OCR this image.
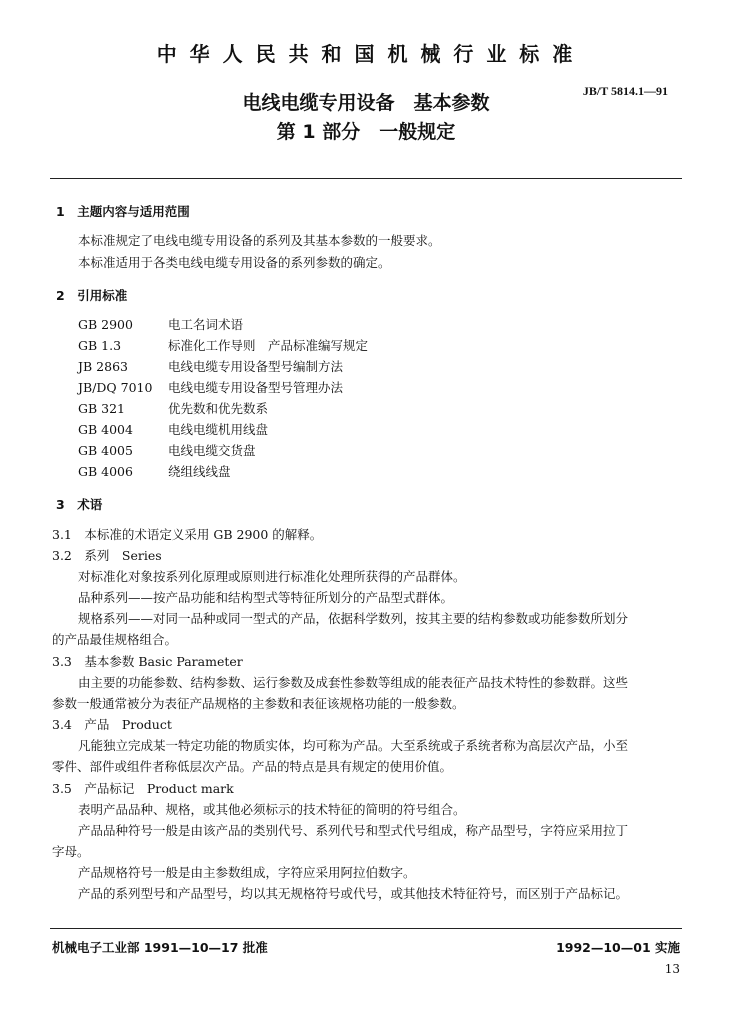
中 华 人 民 共 和 国 机 械 行 业 标 准
JB/T 5814.1—91
电线电缆专用设备　基本参数
第 1 部分　一般规定
1　主题内容与适用范围
本标准规定了电线电缆专用设备的系列及其基本参数的一般要求。
本标准适用于各类电线电缆专用设备的系列参数的确定。
2　引用标准
GB 2900	电工名词术语
GB 1.3	标准化工作导则　产品标准编写规定
JB 2863	电线电缆专用设备型号编制方法
JB/DQ 7010 电线电缆专用设备型号管理办法
GB 321	优先数和优先数系
GB 4004	电线电缆机用线盘
GB 4005	电线电缆交货盘
GB 4006	绕组线线盘
3　术语
3.1　本标准的术语定义采用 GB 2900 的解释。
3.2　系列　Series
对标准化对象按系列化原理或原则进行标准化处理所获得的产品群体。
品种系列——按产品功能和结构型式等特征所划分的产品型式群体。
规格系列——对同一品种或同一型式的产品，依据科学数列，按其主要的结构参数或功能参数所划分
的产品最佳规格组合。
3.3　基本参数 Basic Parameter
由主要的功能参数、结构参数、运行参数及成套性参数等组成的能表征产品技术特性的参数群。这些
参数一般通常被分为表征产品规格的主参数和表征该规格功能的一般参数。
3.4　产品　Product
凡能独立完成某一特定功能的物质实体，均可称为产品。大至系统或子系统者称为高层次产品，小至
零件、部件或组件者称低层次产品。产品的特点是具有规定的使用价值。
3.5　产品标记　Product mark
表明产品品种、规格，或其他必须标示的技术特征的简明的符号组合。
产品品种符号一般是由该产品的类别代号、系列代号和型式代号组成，称产品型号，字符应采用拉丁
字母。
产品规格符号一般是由主参数组成，字符应采用阿拉伯数字。
产品的系列型号和产品型号，均以其无规格符号或代号，或其他技术特征符号，而区别于产品标记。
机械电子工业部 1991—10—17 批准	1992—10—01 实施
13
